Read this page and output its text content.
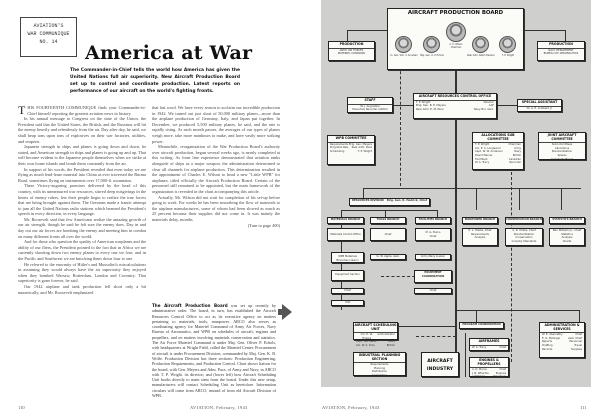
AVIATION'S
WAR COMMUNIQUE
NO. 14	America at War
The Commander-in-Chief tells the world how America has given the United Nations full air superiority. New Aircraft Production Board set up to control and coordinate production. Latest reports on performance of our aircraft on the world's fighting fronts.

THIS FOURTEENTH COMMUNIQUE finds your Commander-in-Chief himself reporting the greatest aviation news in history.

In his annual message to Congress on the state of the Union, the President said that the United States, the British, and the Russians will hit the enemy heavily and relentlessly from the air. Day after day, he said, we shall heap tons upon tons of explosives on their war factories, utilities, and seaports.

Japanese strength in ships and planes is going down and down, he stated, and American strength in ships and planes is going up and up. That will become evident to the Japanese people themselves when we strike at their own home islands and bomb them constantly from the air.

In support of his words, the President revealed that even today we are flying as much lend-lease material into China as ever traversed the Burma Road, sometimes flying on instruments over 17,000-ft. mountains.

These Victory-auguring promises delivered by the head of this country, with its unmeasured war resources, stirred deep misgivings in the hearts of enemy rulers, lest their people begin to realize the true forces that are being brought against them. The Germans made a frantic attempt to jam all the United Nations radio stations which beamed the President's speech in every direction, in every language.

Mr. Roosevelt said that few Americans realize the amazing growth of our air strength, though he said he felt sure the enemy does. Day in and day out our air forces are bombing the enemy and meeting him in combat on many different fronts all over the world.

And for those who question the quality of American warplanes and the ability of our fliers, the President pointed to the fact that in Africa we are currently shooting down two enemy planes to every one we lose, and in the Pacific and Southwest we are knocking them down four to one.

He referred to the enormity of Hitler's and Mussolini's miscalculations in assuming they would always have the air superiority they enjoyed when they bombed Warsaw, Rotterdam, London and Coventry. That superiority is gone forever, he said.

Our 1942 airplane and tank production fell short only a bit numerically, and Mr. Roosevelt emphasized

that last word. We have every reason to acclaim our incredible production in 1942. We turned out just short of 50,000 military planes—more than the airplane production of Germany, Italy, and Japan put together. In December, we produced 5,500 military planes, he said, and the rate is rapidly rising. As each month passes, the averages of our types of planes weigh more, take more manhours to make, and have vastly more striking power.

Meanwhile, reorganization of the War Production Board's authority over aircraft production, begun several weeks ago, is nearly completed at this writing. As front line experience demonstrated that aviation ranks alongside of ships as a major weapon, the administration determined to clear all channels for airplane production. This determination resulted in the appointment of Charles E. Wilson to head a new "Little WPB" for airplanes, titled officially the Aircraft Production Board. Certain of the personnel still remained to be appointed, but the main framework of the organization is revealed in the chart accompanying this article.

Actually, Mr. Wilson did not wait for completion of his set-up before going to work. For weeks he has been smoothing the flow of materials to the airplane manufacturers, some of whom had been slowed as much as 25 percent because their supplies did not come in. It was mainly the materials delay, months

(Turn to page 400)
The Aircraft Production Board was set up recently by administrative order. The board, in turn, has established the Aircraft Resources Control Office to act as its executive agency on matters pertaining to materials, tools, manpower. ARCO also serves as coordinating agency for Materiel Command of Army Air Forces, Navy Bureau of Aeronautics, and WPB on schedules of aircraft, engines and propellers, and on matters involving materials conservation and statistics. The Air Force Materiel Command is under Maj. Gen. Oliver P. Echols, with headquarters at Wright Field, called the Materiel Center. Procurement of aircraft is under Procurement Division, commanded by Maj. Gen. K. B. Wolfe. Production Division has three sections: Production Engineering, Production Requirements, and Production Control. Chart shows liaison for the board, with Gen. Meyers and Adm. Pace, of Army and Navy, in ARCO with T. P. Wright, its director; and (lower left) how Aircraft Scheduling Unit books directly to main stem from the board. Under this new setup, manufacturers will contact Scheduling Unit as heretofore. Information circulars will come from ARCO, instead of from old Aircraft Division of WPB.
110	AVIATION, February, 1943
AIRCRAFT PRODUCTION BOARD
C. E. Wilson
Chairman
Lt. Gen. Wm. S. Knudsen	Maj. Gen. O. P. Echols	Rear Adm. Ralph Davison	T. P. Wright
PRODUCTION
ARMY AIR FORCES
MATERIEL COMMAND
PRODUCTION
NAVY DEPARTMENT
BUREAU OF AERONAUTICS
AIRCRAFT RESOURCES CONTROL OFFICE
T. P. Wright	Director
Brig. Gen. B. E. Meyers	AAF
Rear Adm. E. M. Pace	Navy Bur. Aero.
STAFF
W. J. Augustine
Executive Recorder (ARCO)
SPECIAL ASSISTANT
Dr. A. E. Lombard Jr.
WPB COMMITTEE
Requirements Brig. Gen. Meyers
Programs Req. Rear Adm. Pace
Scheduling	T. P. Wright
ALLOCATIONS SUB COMMITTEE
T. P. Wright	Chairman
Col. E. S. Longwood	Army
Capt. W. W. Anderson	Navy
David Warner	British
Fred Beck	Canadian
W. A. Tracy	Recorder
JOINT AIRCRAFT COMMITTEE
Subcommittees
Allocations
Standardization
Spares
Joint Radio Board
RESOURCES DIVISION Brig. Gen. R. Hedrick, Chief
MATERIALS BRANCH
Materials Control Office
TOOLS BRANCH
Chief
FACILITIES BRANCH
M. G. Burns
Chief
MANPOWER BRANCH
E. L. Hobbs, Chief
Requirements
Analysis
CONSERVATION BRANCH
A. R. Hobbs, Chief
Standardization
Conservation
Industry Standards
STATISTICS BRANCH
Ben Williams Jr., Chief
Statistics
Analysis
Charts
WPB Materials Branches Liaison
Equipment Section
Chief
Unit
G. W. Apple, Asst.	Army-Navy Liaison
EQUIPMENT COORDINATION
Chief
AIRCRAFT SCHEDULING UNIT
Col. E. W. Fickers
Administrator
Capt. Leo Webb	Navy
Col. W. S. Dice	British
INDUSTRIAL PLANNING SECTION
Requirements
Planning
Distribution
Compilation
AIRCRAFT
INDUSTRY
PROGRAM COORDINATION
AIRFRAMES
W. A. Tracy	Chief
ENGINES & PROPELLERS
A. D. Pierce	Chief
J. B. Wharton	Engines
J. Williams	Propellers
ADMINISTRATION & SERVICES
W. E. Abernathy	Chief
E. G. Bollinger	Asst. Chief
Reports	Personnel
Drafting	Travel
Records	Supplies
AVIATION, February, 1943	111
